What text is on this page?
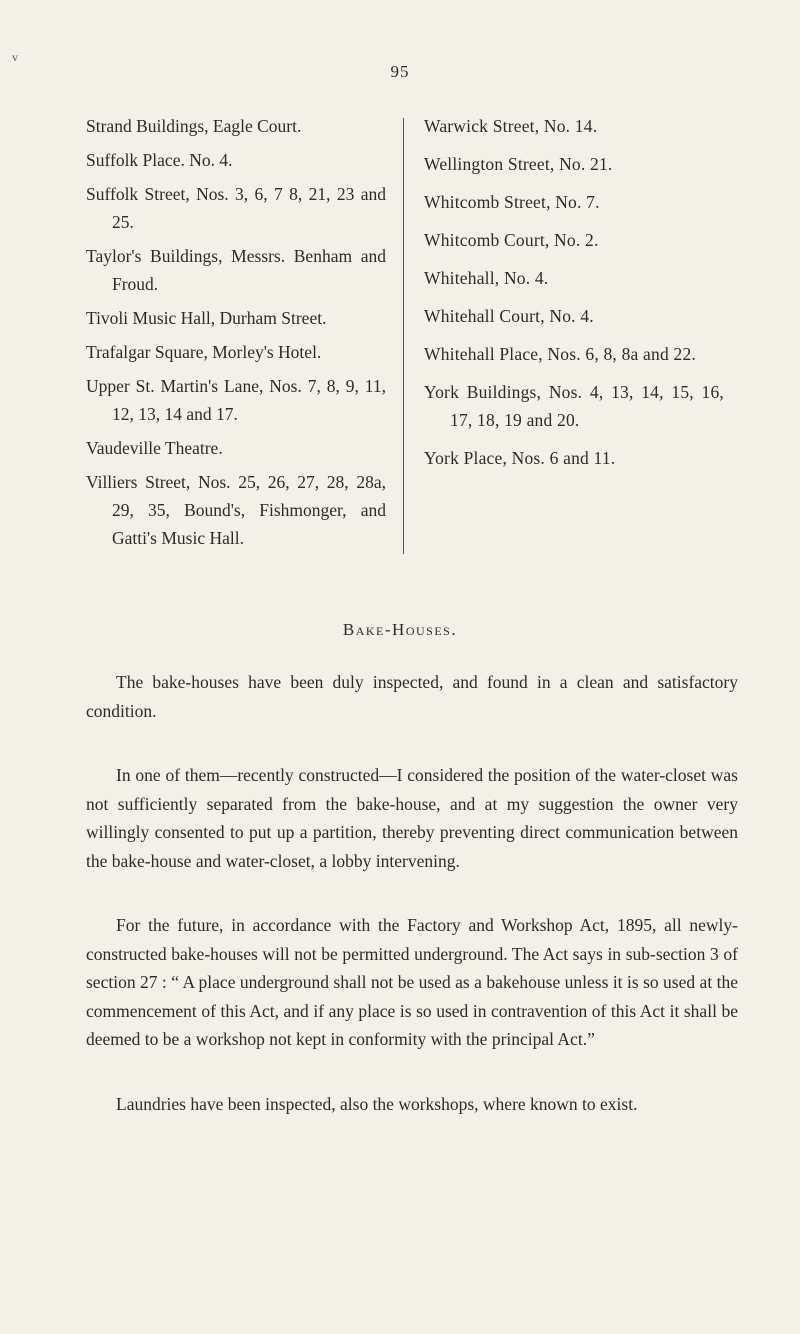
v
95
Strand Buildings, Eagle Court.
Suffolk Place. No. 4.
Suffolk Street, Nos. 3, 6, 7 8, 21, 23 and 25.
Taylor's Buildings, Messrs. Benham and Froud.
Tivoli Music Hall, Durham Street.
Trafalgar Square, Morley's Hotel.
Upper St. Martin's Lane, Nos. 7, 8, 9, 11, 12, 13, 14 and 17.
Vaudeville Theatre.
Villiers Street, Nos. 25, 26, 27, 28, 28a, 29, 35, Bound's, Fishmonger, and Gatti's Music Hall.
Warwick Street, No. 14.
Wellington Street, No. 21.
Whitcomb Street, No. 7.
Whitcomb Court, No. 2.
Whitehall, No. 4.
Whitehall Court, No. 4.
Whitehall Place, Nos. 6, 8, 8a and 22.
York Buildings, Nos. 4, 13, 14, 15, 16, 17, 18, 19 and 20.
York Place, Nos. 6 and 11.
Bake-Houses.

The bake-houses have been duly inspected, and found in a clean and satisfactory condition.

In one of them—recently constructed—I considered the position of the water-closet was not sufficiently separated from the bake-house, and at my suggestion the owner very willingly consented to put up a partition, thereby preventing direct communication between the bake-house and water-closet, a lobby intervening.

For the future, in accordance with the Factory and Workshop Act, 1895, all newly-constructed bake-houses will not be permitted underground. The Act says in sub-section 3 of section 27 : “ A place underground shall not be used as a bakehouse unless it is so used at the commencement of this Act, and if any place is so used in contravention of this Act it shall be deemed to be a workshop not kept in conformity with the principal Act.”

Laundries have been inspected, also the workshops, where known to exist.
